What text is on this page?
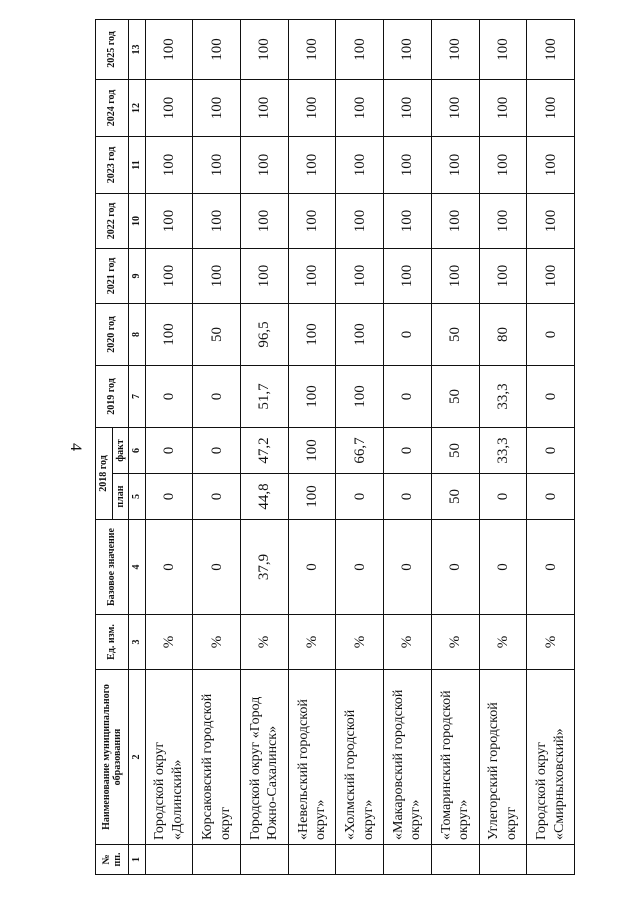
4
№ пп.	Наименование муниципального образования	Ед. изм.	Базовое значение	2018 год		2019 год	2020 год	2021 год	2022 год	2023 год	2024 год	2025 год
				план	факт							
1	2	3	4	5	6	7	8	9	10	11	12	13
	Городской округ «Долинский»	%	0	0	0	0	100	100	100	100	100	100
	Корсаковский городской округ	%	0	0	0	0	50	100	100	100	100	100
	Городской округ «Город Южно-Сахалинск»	%	37,9	44,8	47,2	51,7	96,5	100	100	100	100	100
	«Невельский городской округ»	%	0	100	100	100	100	100	100	100	100	100
	«Холмский городской округ»	%	0	0	66,7	100	100	100	100	100	100	100
	«Макаровский городской округ»	%	0	0	0	0	0	100	100	100	100	100
	«Томаринский городской округ»	%	0	50	50	50	50	100	100	100	100	100
	Углегорский городской округ	%	0	0	33,3	33,3	80	100	100	100	100	100
	Городской округ «Смирныховский»	%	0	0	0	0	0	100	100	100	100	100
